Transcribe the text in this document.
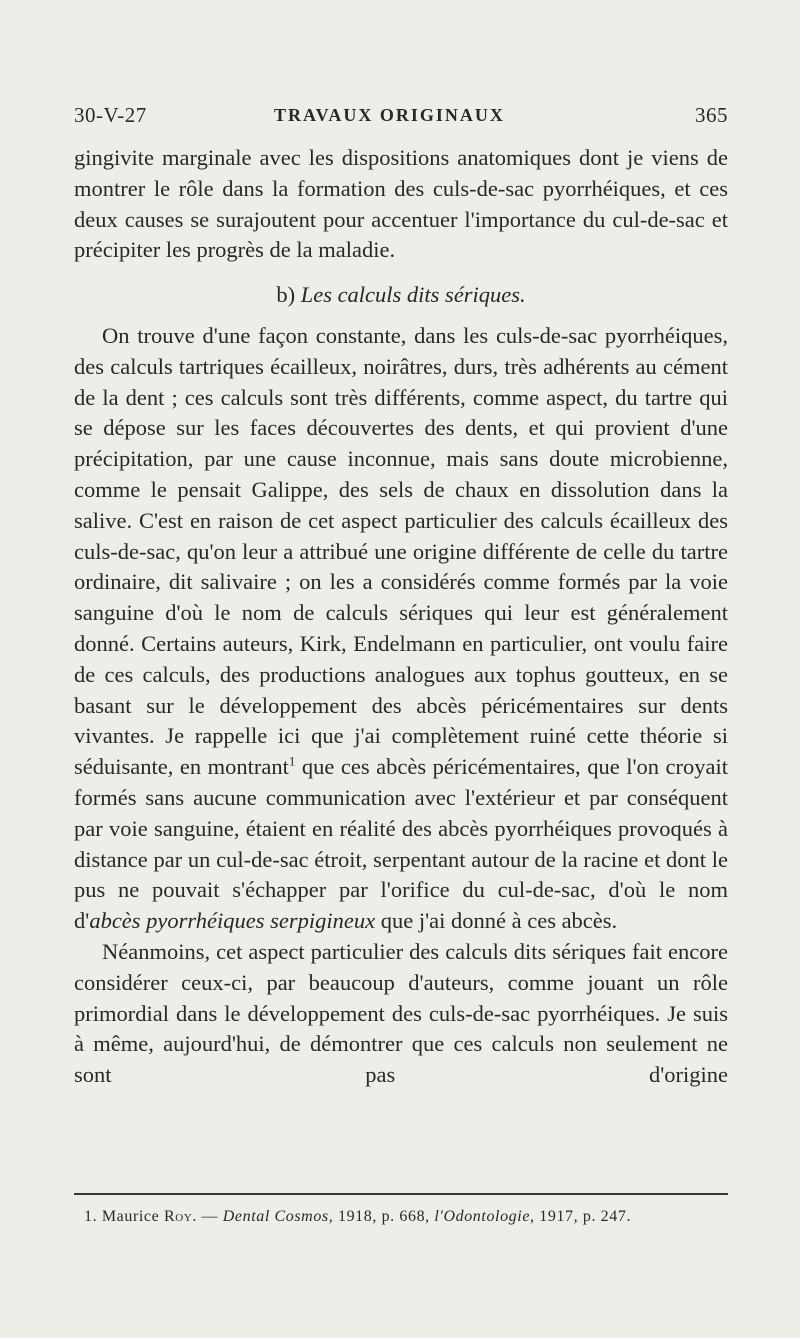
30-V-27	TRAVAUX ORIGINAUX	365

gingivite marginale avec les dispositions anatomiques dont je viens de montrer le rôle dans la formation des culs-de-sac pyorrhéiques, et ces deux causes se surajoutent pour accentuer l'importance du cul-de-sac et précipiter les progrès de la maladie.

b) Les calculs dits sériques.

On trouve d'une façon constante, dans les culs-de-sac pyorrhéiques, des calculs tartriques écailleux, noirâtres, durs, très adhérents au cément de la dent ; ces calculs sont très différents, comme aspect, du tartre qui se dépose sur les faces découvertes des dents, et qui provient d'une précipitation, par une cause inconnue, mais sans doute microbienne, comme le pensait Galippe, des sels de chaux en dissolution dans la salive. C'est en raison de cet aspect particulier des calculs écailleux des culs-de-sac, qu'on leur a attribué une origine différente de celle du tartre ordinaire, dit salivaire ; on les a considérés comme formés par la voie sanguine d'où le nom de calculs sériques qui leur est généralement donné. Certains auteurs, Kirk, Endelmann en particulier, ont voulu faire de ces calculs, des productions analogues aux tophus goutteux, en se basant sur le développement des abcès péricémentaires sur dents vivantes. Je rappelle ici que j'ai complètement ruiné cette théorie si séduisante, en montrant$^1$ que ces abcès péricémentaires, que l'on croyait formés sans aucune communication avec l'extérieur et par conséquent par voie sanguine, étaient en réalité des abcès pyorrhéiques provoqués à distance par un cul-de-sac étroit, serpentant autour de la racine et dont le pus ne pouvait s'échapper par l'orifice du cul-de-sac, d'où le nom d'abcès pyorrhéiques serpigineux que j'ai donné à ces abcès.

Néanmoins, cet aspect particulier des calculs dits sériques fait encore considérer ceux-ci, par beaucoup d'auteurs, comme jouant un rôle primordial dans le développement des culs-de-sac pyorrhéiques. Je suis à même, aujourd'hui, de démontrer que ces calculs non seulement ne sont pas d'origine

1. Maurice Roy. — Dental Cosmos, 1918, p. 668, l'Odontologie, 1917, p. 247.
